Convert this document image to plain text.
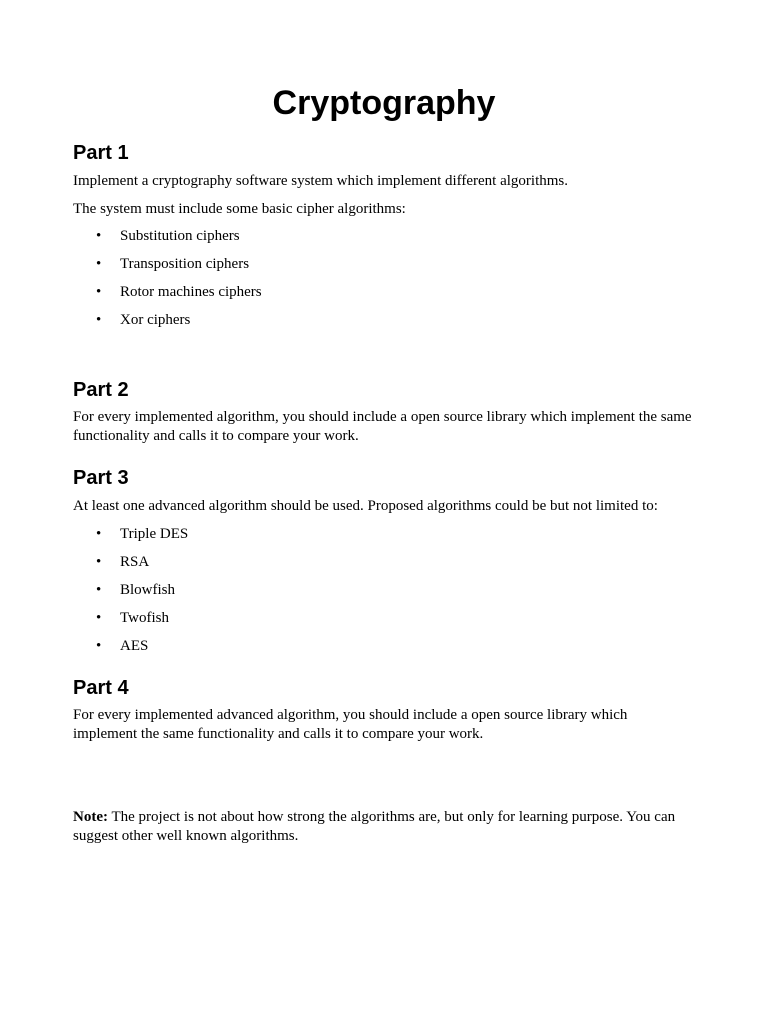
Cryptography
Part 1

Implement a cryptography software system which implement different algorithms.

The system must include some basic cipher algorithms:

• Substitution ciphers
• Transposition ciphers
• Rotor machines ciphers
• Xor ciphers
Part 2

For every implemented algorithm, you should include a open source library which implement the same functionality and calls it to compare your work.

Part 3

At least one advanced algorithm should be used. Proposed algorithms could be but not limited to:

• Triple DES
• RSA
• Blowfish
• Twofish
• AES
Part 4

For every implemented advanced algorithm, you should include a open source library which implement the same functionality and calls it to compare your work.

Note: The project is not about how strong the algorithms are, but only for learning purpose. You can suggest other well known algorithms.
